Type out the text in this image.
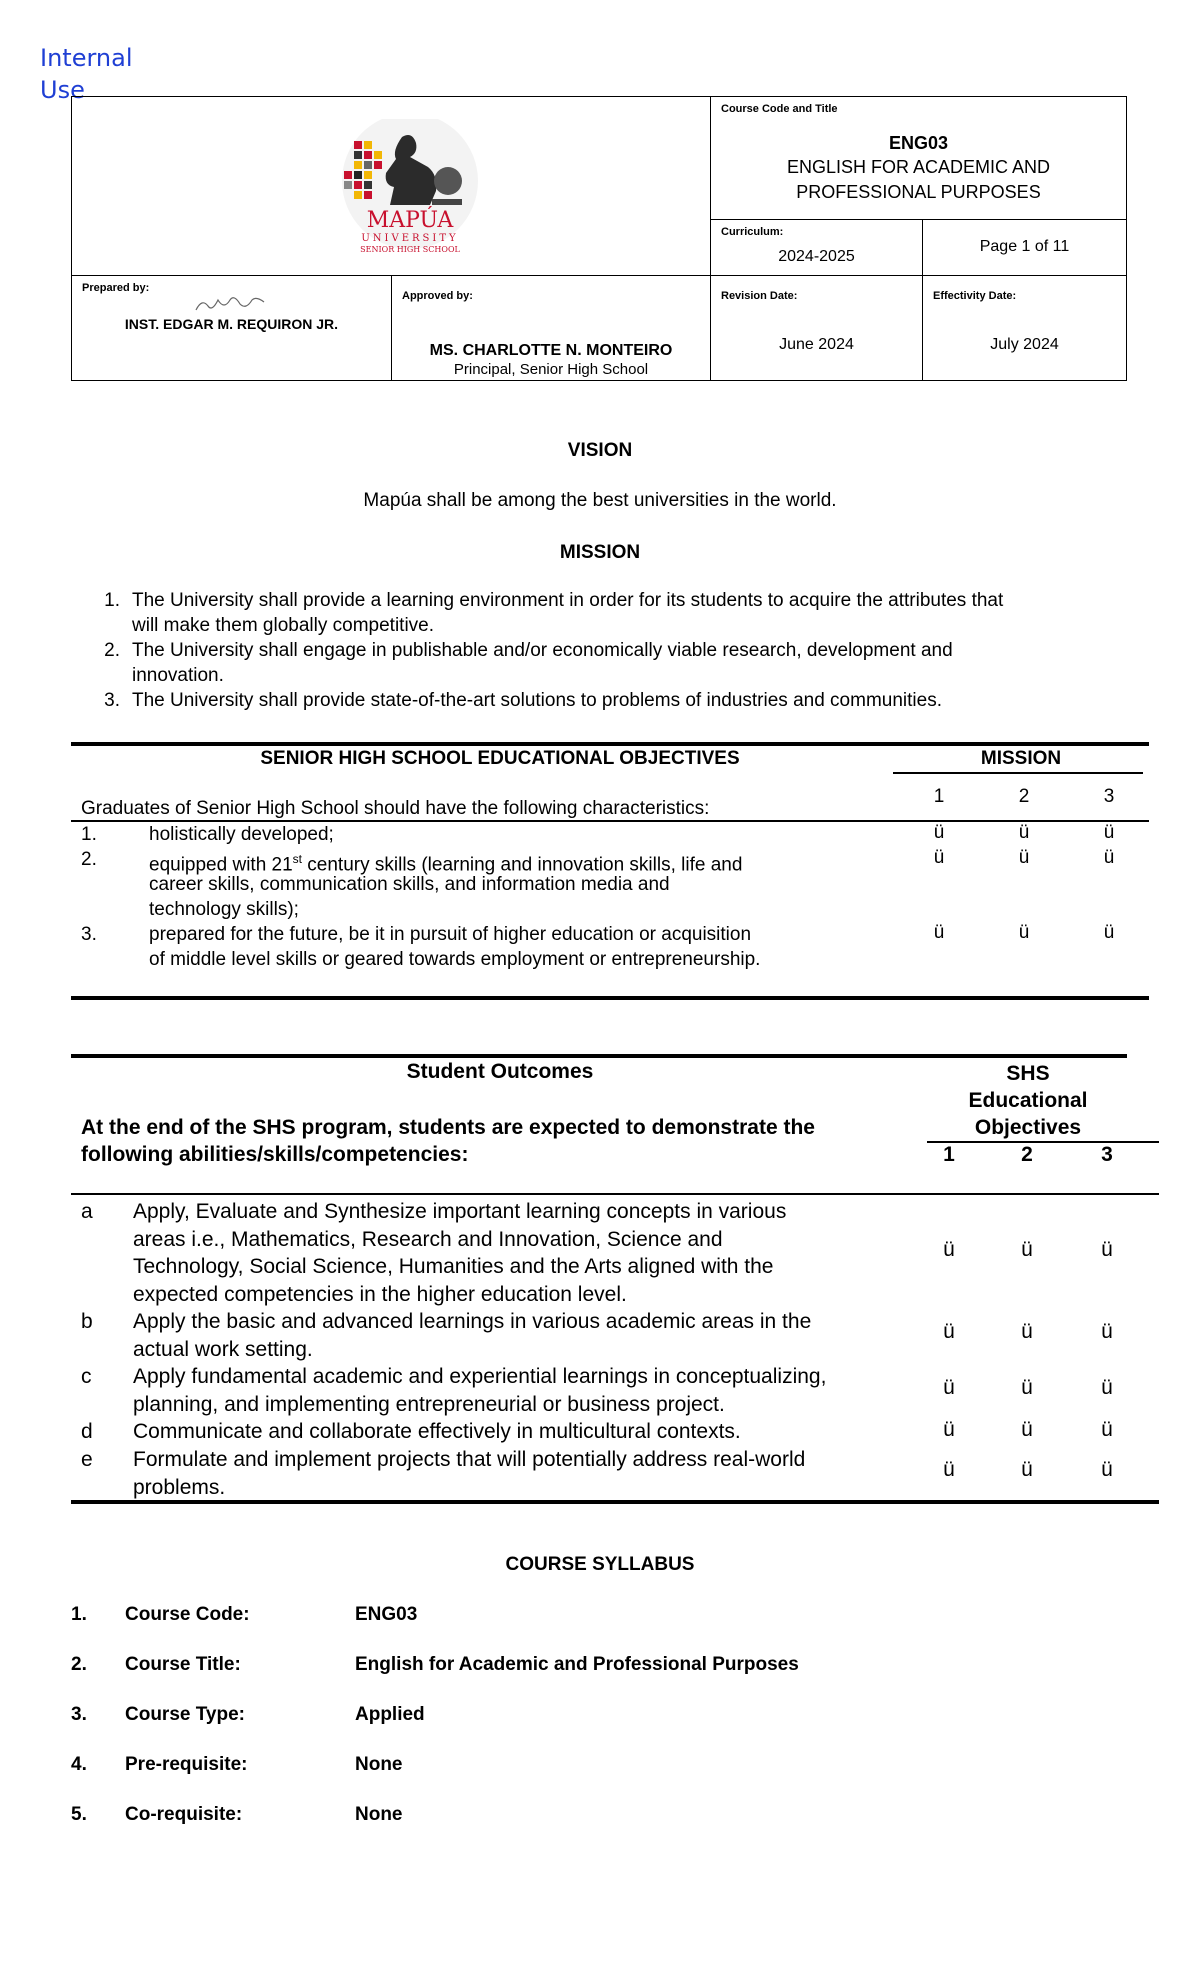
Internal Use
MAPÚA
UNIVERSITY
SENIOR HIGH SCHOOL
Course Code and Title
ENG03
ENGLISH FOR ACADEMIC AND
PROFESSIONAL PURPOSES
Curriculum:
2024-2025
Page 1 of 11
Prepared by:
INST. EDGAR M. REQUIRON JR.
Approved by:
MS. CHARLOTTE N. MONTEIRO
Principal, Senior High School
Revision Date:
June 2024
Effectivity Date:
July 2024
VISION
Mapúa shall be among the best universities in the world.
MISSION
1. The University shall provide a learning environment in order for its students to acquire the attributes that
will make them globally competitive.
2. The University shall engage in publishable and/or economically viable research, development and
innovation.
3. The University shall provide state-of-the-art solutions to problems of industries and communities.
SENIOR HIGH SCHOOL EDUCATIONAL OBJECTIVES	MISSION
Graduates of Senior High School should have the following characteristics:
1	2	3
1.	holistically developed;	ü	ü	ü
2.	equipped with 21st century skills (learning and innovation skills, life and
career skills, communication skills, and information media and
technology skills);
ü	ü	ü
3.	prepared for the future, be it in pursuit of higher education or acquisition
of middle level skills or geared towards employment or entrepreneurship.
ü	ü	ü
Student Outcomes	SHS
Educational
Objectives
At the end of the SHS program, students are expected to demonstrate the
following abilities/skills/competencies:	1	2	3
a Apply, Evaluate and Synthesize important learning concepts in various
areas i.e., Mathematics, Research and Innovation, Science and
Technology, Social Science, Humanities and the Arts aligned with the
expected competencies in the higher education level.
ü	ü	ü
b Apply the basic and advanced learnings in various academic areas in the
actual work setting.
ü	ü	ü
c Apply fundamental academic and experiential learnings in conceptualizing,
planning, and implementing entrepreneurial or business project.
ü	ü	ü
d Communicate and collaborate effectively in multicultural contexts.	ü	ü	ü
e Formulate and implement projects that will potentially address real-world
problems.
ü	ü	ü
COURSE SYLLABUS
1. Course Code:	ENG03
2. Course Title:	English for Academic and Professional Purposes
3. Course Type:	Applied
4. Pre-requisite:	None
5. Co-requisite:	None
